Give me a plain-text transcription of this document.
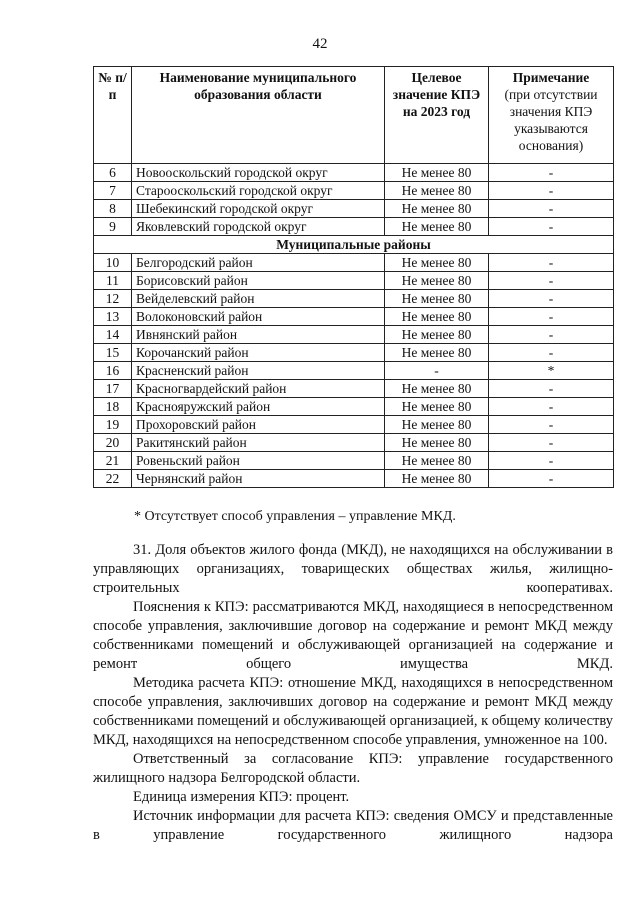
42
№ п/п	Наименование муниципального образования области	Целевое значение КПЭ на 2023 год	Примечание
(при отсутствии значения КПЭ указываются основания)

6	Новооскольский городской округ	Не менее 80	-
7	Старооскольский городской округ	Не менее 80	-
8	Шебекинский городской округ	Не менее 80	-
9	Яковлевский городской округ	Не менее 80	-
Муниципальные районы			
10	Белгородский район	Не менее 80	-
11	Борисовский район	Не менее 80	-
12	Вейделевский район	Не менее 80	-
13	Волоконовский район	Не менее 80	-
14	Ивнянский район	Не менее 80	-
15	Корочанский район	Не менее 80	-
16	Красненский район	-	*
17	Красногвардейский район	Не менее 80	-
18	Краснояружский район	Не менее 80	-
19	Прохоровский район	Не менее 80	-
20	Ракитянский район	Не менее 80	-
21	Ровеньский район	Не менее 80	-
22	Чернянский район	Не менее 80	-
* Отсутствует способ управления – управление МКД.

31. Доля объектов жилого фонда (МКД), не находящихся на обслуживании в управляющих организациях, товарищеских обществах жилья, жилищно-строительных кооперативах.

Пояснения к КПЭ: рассматриваются МКД, находящиеся в непосредственном способе управления, заключившие договор на содержание и ремонт МКД между собственниками помещений и обслуживающей организацией на содержание и ремонт общего имущества МКД.

Методика расчета КПЭ: отношение МКД, находящихся в непосредственном способе управления, заключивших договор на содержание и ремонт МКД между собственниками помещений и обслуживающей организацией, к общему количеству МКД, находящихся на непосредственном способе управления, умноженное на 100.

Ответственный за согласование КПЭ: управление государственного жилищного надзора Белгородской области.

Единица измерения КПЭ: процент.

Источник информации для расчета КПЭ: сведения ОМСУ и представленные в управление государственного жилищного надзора
